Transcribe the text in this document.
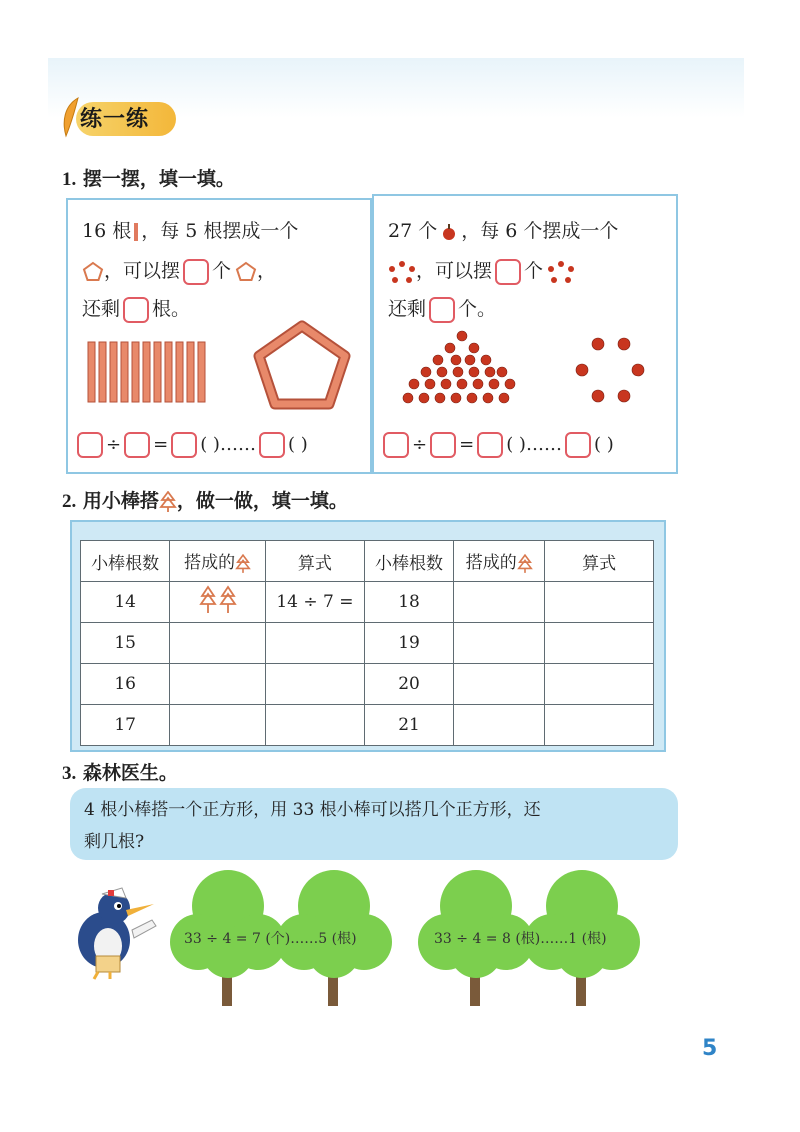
练一练
1. 摆一摆，填一填。
16 根 ，每 5 根摆成一个
，可以摆 个 ，
还剩 根。
÷ = ( )…… ( )
27 个 ，每 6 个摆成一个
，可以摆 个
还剩 个。
÷ = ( )…… ( )
2. 用小棒搭 ，做一做，填一填。
小棒根数	搭成的	算式	小棒根数	搭成的	算式
14		14 ÷ 7 =	18		
15			19		
16			20		
17			21		
3. 森林医生。
4 根小棒搭一个正方形，用 33 根小棒可以搭几个正方形，还
剩几根?
33 ÷ 4 = 7 (个)……5 (根)	33 ÷ 4 = 8 (根)……1 (根)
5
